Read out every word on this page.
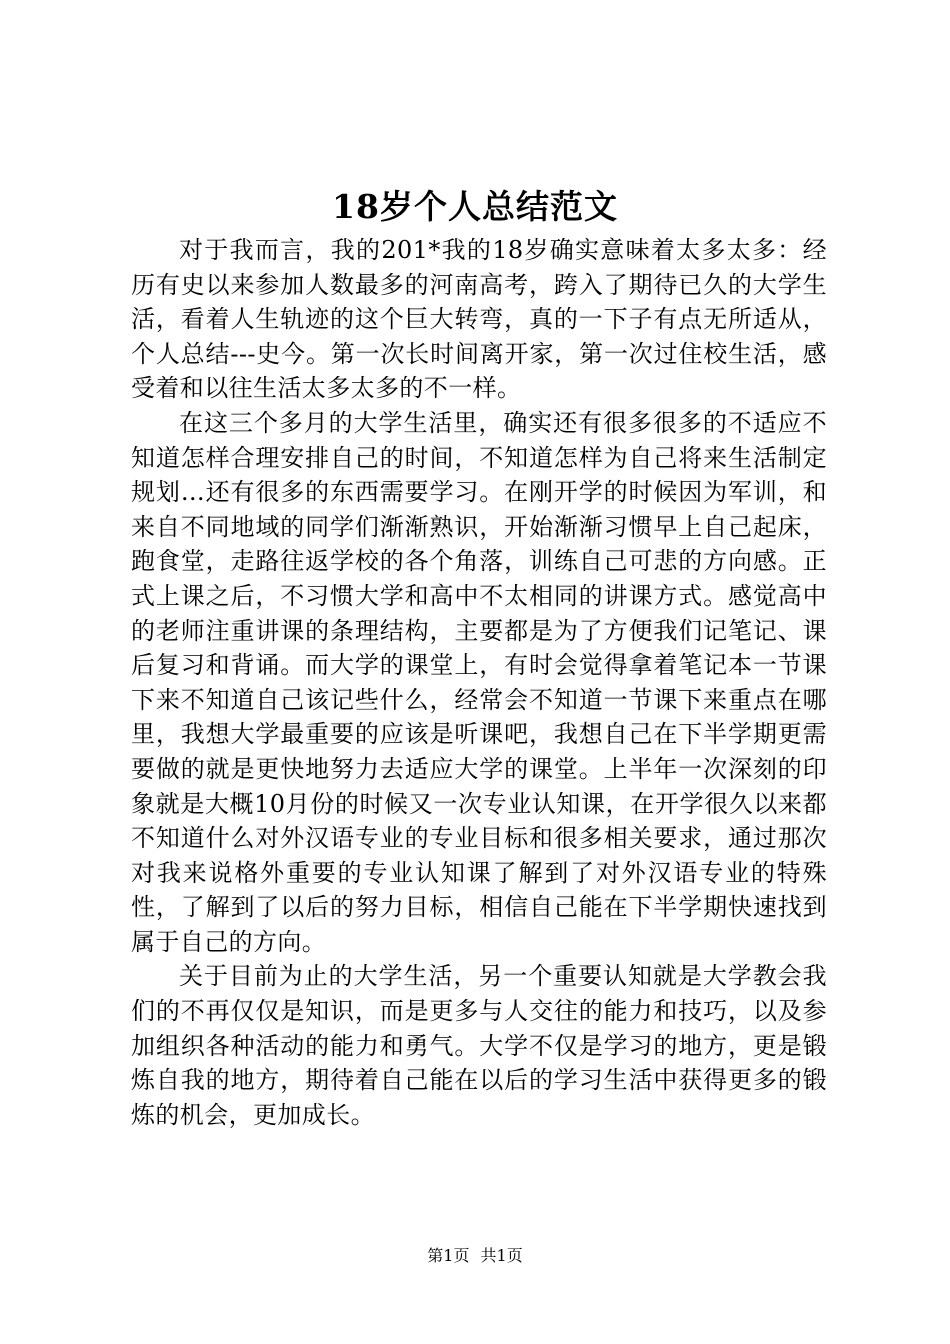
18岁个人总结范文

对于我而言，我的201*我的18岁确实意味着太多太多：经历有史以来参加人数最多的河南高考，跨入了期待已久的大学生活，看着人生轨迹的这个巨大转弯，真的一下子有点无所适从，个人总结---史今。第一次长时间离开家，第一次过住校生活，感受着和以往生活太多太多的不一样。

在这三个多月的大学生活里，确实还有很多很多的不适应不知道怎样合理安排自己的时间，不知道怎样为自己将来生活制定规划…还有很多的东西需要学习。在刚开学的时候因为军训，和来自不同地域的同学们渐渐熟识，开始渐渐习惯早上自己起床，跑食堂，走路往返学校的各个角落，训练自己可悲的方向感。正式上课之后，不习惯大学和高中不太相同的讲课方式。感觉高中的老师注重讲课的条理结构，主要都是为了方便我们记笔记、课后复习和背诵。而大学的课堂上，有时会觉得拿着笔记本一节课下来不知道自己该记些什么，经常会不知道一节课下来重点在哪里，我想大学最重要的应该是听课吧，我想自己在下半学期更需要做的就是更快地努力去适应大学的课堂。上半年一次深刻的印象就是大概10月份的时候又一次专业认知课，在开学很久以来都不知道什么对外汉语专业的专业目标和很多相关要求，通过那次对我来说格外重要的专业认知课了解到了对外汉语专业的特殊性，了解到了以后的努力目标，相信自己能在下半学期快速找到属于自己的方向。

关于目前为止的大学生活，另一个重要认知就是大学教会我们的不再仅仅是知识，而是更多与人交往的能力和技巧，以及参加组织各种活动的能力和勇气。大学不仅是学习的地方，更是锻炼自我的地方，期待着自己能在以后的学习生活中获得更多的锻炼的机会，更加成长。

第1页 共1页
